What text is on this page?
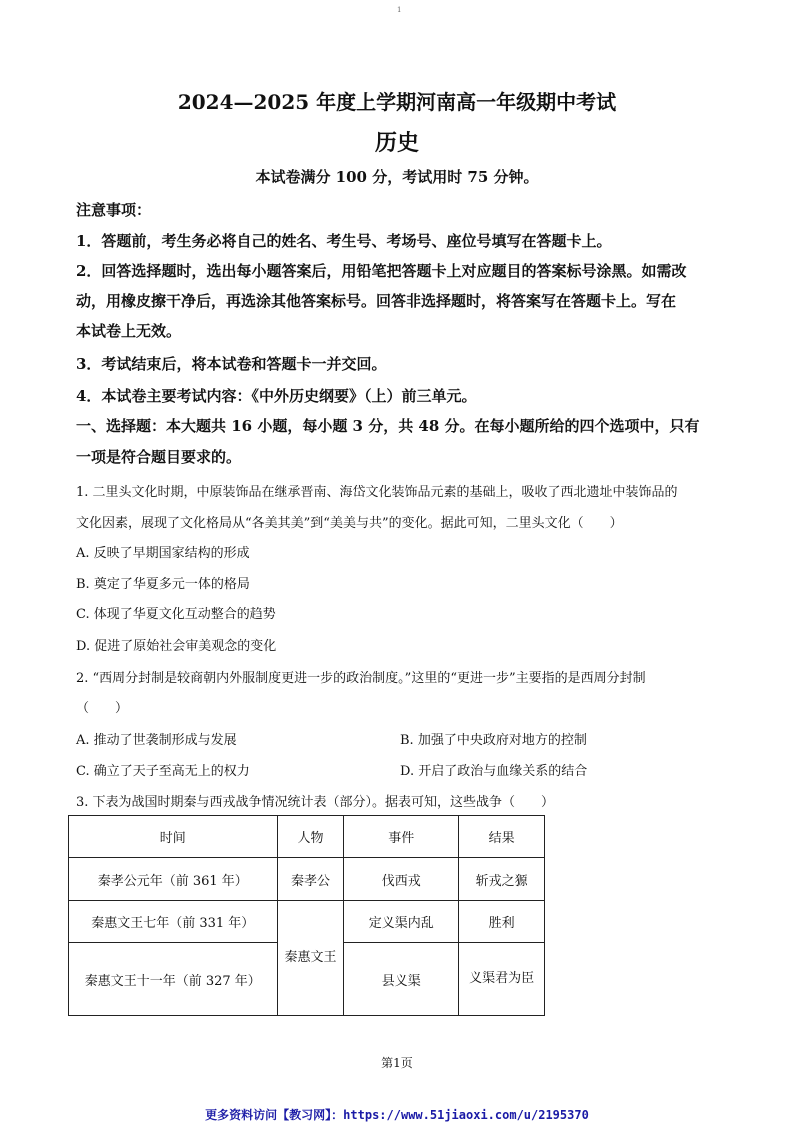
1
2024—2025 年度上学期河南高一年级期中考试
历史
本试卷满分 100 分，考试用时 75 分钟。
注意事项：
1．答题前，考生务必将自己的姓名、考生号、考场号、座位号填写在答题卡上。
2．回答选择题时，选出每小题答案后，用铅笔把答题卡上对应题目的答案标号涂黑。如需改
动，用橡皮擦干净后，再选涂其他答案标号。回答非选择题时，将答案写在答题卡上。写在
本试卷上无效。
3．考试结束后，将本试卷和答题卡一并交回。
4．本试卷主要考试内容：《中外历史纲要》（上）前三单元。
一、选择题：本大题共 16 小题，每小题 3 分，共 48 分。在每小题所给的四个选项中，只有
一项是符合题目要求的。
1. 二里头文化时期，中原装饰品在继承晋南、海岱文化装饰品元素的基础上，吸收了西北遗址中装饰品的
文化因素，展现了文化格局从“各美其美”到“美美与共”的变化。据此可知，二里头文化（　　）
A. 反映了早期国家结构的形成
B. 奠定了华夏多元一体的格局
C. 体现了华夏文化互动整合的趋势
D. 促进了原始社会审美观念的变化
2. “西周分封制是较商朝内外服制度更进一步的政治制度。”这里的“更进一步”主要指的是西周分封制
（　　）
A. 推动了世袭制形成与发展	B. 加强了中央政府对地方的控制
C. 确立了天子至高无上的权力	D. 开启了政治与血缘关系的结合
3. 下表为战国时期秦与西戎战争情况统计表（部分）。据表可知，这些战争（　　）
时间	人物	事件	结果
秦孝公元年（前 361 年）	秦孝公	伐西戎	斩戎之獂
秦惠文王七年（前 331 年）	秦惠文王	定义渠内乱	胜利
秦惠文王十一年（前 327 年）		县义渠	义渠君为臣
第1页
更多资料访问【教习网】：https://www.51jiaoxi.com/u/2195370
